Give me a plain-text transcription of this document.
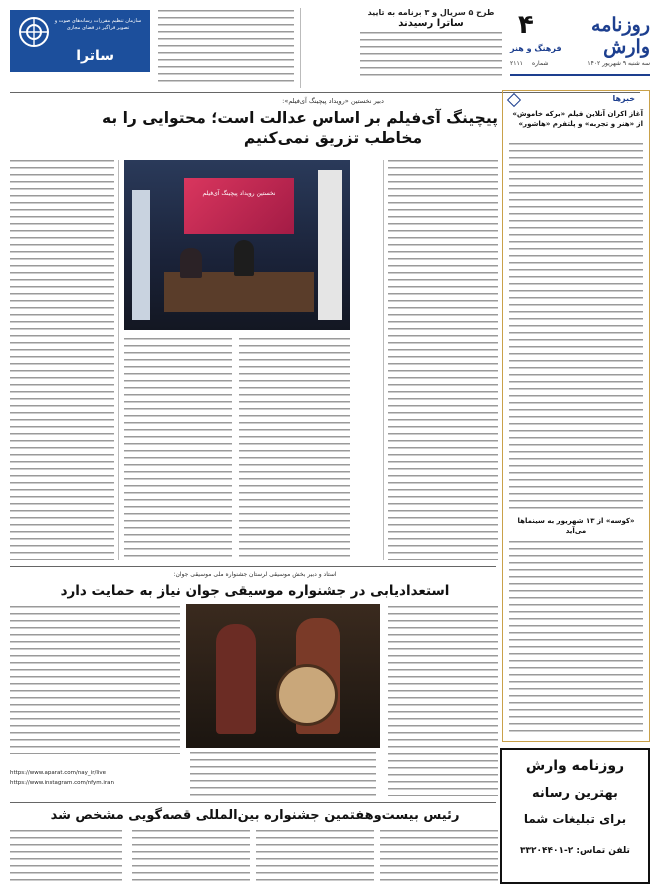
روزنامه وارش
۴
فرهنگ و هنر
سه شنبه ۹ شهریور ۱۴۰۲
شماره
۲۱۱۱
طرح ۵ سریال و ۳ برنامه به تایید
ساترا رسیدند
سازمان تنظیم مقررات رسانه‌های صوت و تصویر فراگیر در فضای مجازی
ساترا
خبرها
آغاز اکران آنلاین فیلم «برکه خاموش» از «هنر و تجربه» و پلتفرم «هاشور»
«کوسه» از ۱۳ شهریور به سینماها می‌آید
دبیر نخستین «رویداد پیچینگ آی‌فیلم»:
پیچینگ آی‌فیلم بر اساس عدالت است؛ محتوایی را به
مخاطب تزریق نمی‌کنیم
نخستین رویداد پیچینگ آی‌فیلم
استاد و دبیر بخش موسیقی لرستان جشنواره ملی موسیقی جوان:
استعدادیابی در جشنواره موسیقی جوان نیاز به حمایت دارد
https://www.aparat.com/nay_ir/live
https://www.instagram.com/nfym.iran
رئیس بیست‌وهفتمین جشنواره بین‌المللی قصه‌گویی مشخص شد
روزنامه وارش
بهترین رسانه
برای تبلیغات شما
تلفن تماس: ۲-۳۳۲۰۴۴۰۱
